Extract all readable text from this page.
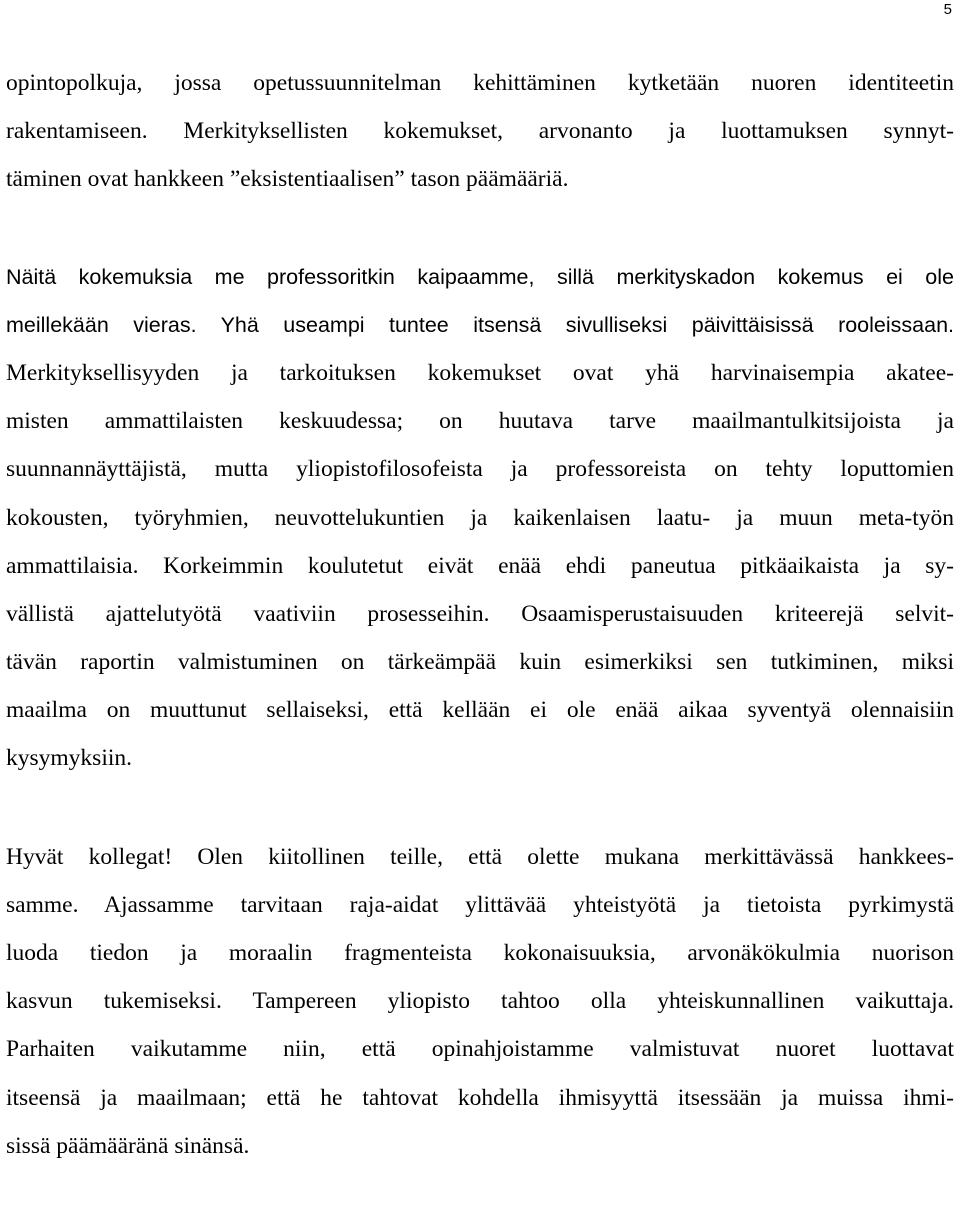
5
opintopolkuja, jossa opetussuunnitelman kehittäminen kytketään nuoren identiteetin
rakentamiseen. Merkityksellisten kokemukset, arvonanto ja luottamuksen synnyt-
täminen ovat hankkeen ”eksistentiaalisen” tason päämääriä.
Näitä kokemuksia me professoritkin kaipaamme, sillä merkityskadon kokemus ei ole
meillekään vieras. Yhä useampi tuntee itsensä sivulliseksi päivittäisissä rooleissaan.
Merkityksellisyyden ja tarkoituksen kokemukset ovat yhä harvinaisempia akatee-
misten ammattilaisten keskuudessa; on huutava tarve maailmantulkitsijoista ja
suunnannäyttäjistä, mutta yliopistofilosofeista ja professoreista on tehty loputtomien
kokousten, työryhmien, neuvottelukuntien ja kaikenlaisen laatu- ja muun meta-työn
ammattilaisia. Korkeimmin koulutetut eivät enää ehdi paneutua pitkäaikaista ja sy-
vällistä ajattelutyötä vaativiin prosesseihin. Osaamisperustaisuuden kriteerejä selvit-
tävän raportin valmistuminen on tärkeämpää kuin esimerkiksi sen tutkiminen, miksi
maailma on muuttunut sellaiseksi, että kellään ei ole enää aikaa syventyä olennaisiin
kysymyksiin.
Hyvät kollegat! Olen kiitollinen teille, että olette mukana merkittävässä hankkees-
samme. Ajassamme tarvitaan raja-aidat ylittävää yhteistyötä ja tietoista pyrkimystä
luoda tiedon ja moraalin fragmenteista kokonaisuuksia, arvonäkökulmia nuorison
kasvun tukemiseksi. Tampereen yliopisto tahtoo olla yhteiskunnallinen vaikuttaja.
Parhaiten vaikutamme niin, että opinahjoistamme valmistuvat nuoret luottavat
itseensä ja maailmaan; että he tahtovat kohdella ihmisyyttä itsessään ja muissa ihmi-
sissä päämääränä sinänsä.
